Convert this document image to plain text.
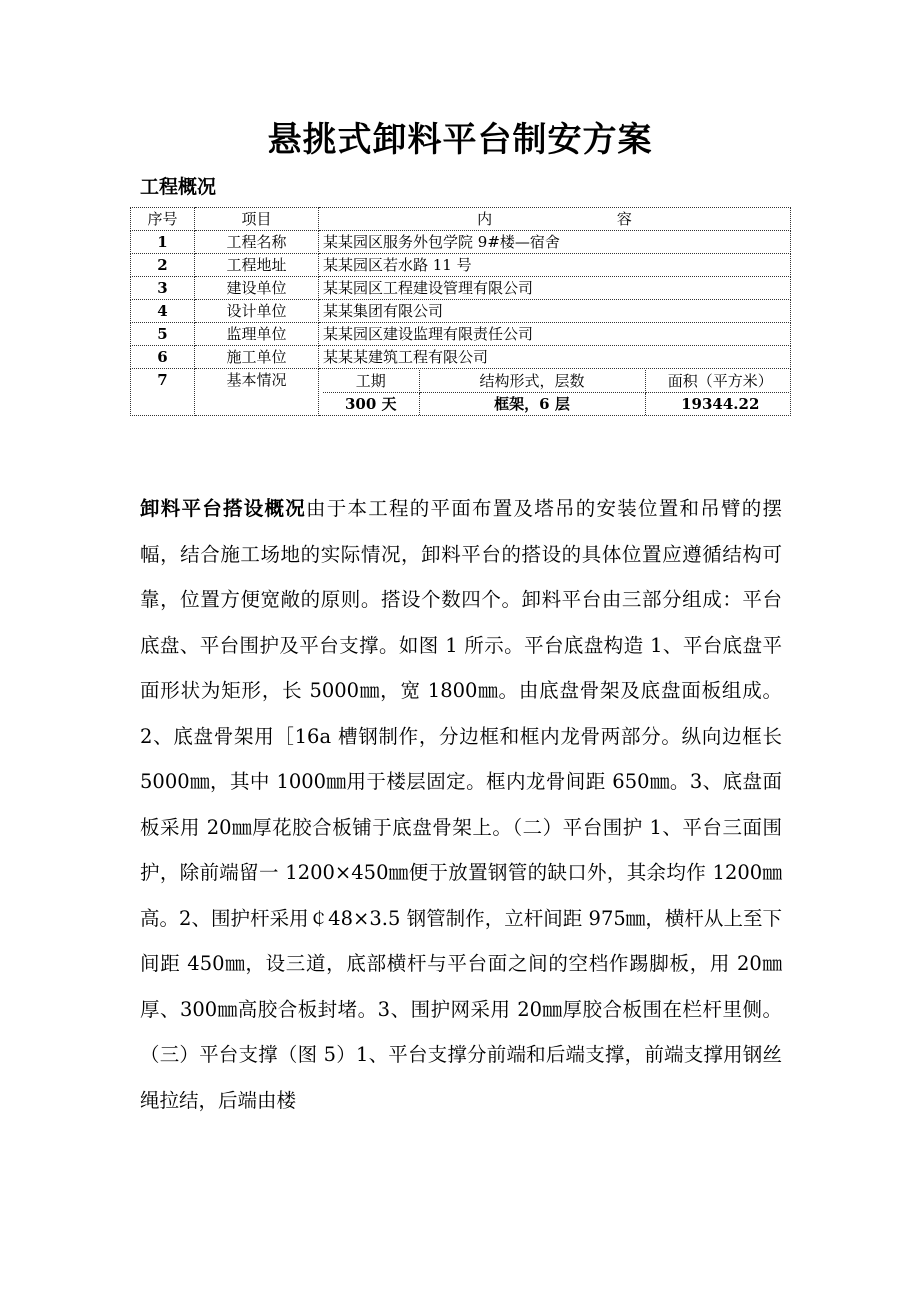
悬挑式卸料平台制安方案
工程概况
序号	项目	内 容
1	工程名称	某某园区服务外包学院 9#楼—宿舍
2	工程地址	某某园区若水路 11 号
3	建设单位	某某园区工程建设管理有限公司
4	设计单位	某某集团有限公司
5	监理单位	某某园区建设监理有限责任公司
6	施工单位	某某某建筑工程有限公司
7	基本情况		工期	结构形式，层数	面积（平方米）
300 天	框架，6 层	19344.22

卸料平台搭设概况由于本工程的平面布置及塔吊的安装位置和吊臂的摆幅，结合施工场地的实际情况，卸料平台的搭设的具体位置应遵循结构可靠，位置方便宽敞的原则。搭设个数四个。卸料平台由三部分组成：平台底盘、平台围护及平台支撑。如图 1 所示。平台底盘构造 1、平台底盘平面形状为矩形，长 5000㎜，宽 1800㎜。由底盘骨架及底盘面板组成。2、底盘骨架用［16a 槽钢制作，分边框和框内龙骨两部分。纵向边框长 5000㎜，其中 1000㎜用于楼层固定。框内龙骨间距 650㎜。3、底盘面板采用 20㎜厚花胶合板铺于底盘骨架上。（二）平台围护 1、平台三面围护，除前端留一 1200×450㎜便于放置钢管的缺口外，其余均作 1200㎜高。2、围护杆采用￠48×3.5 钢管制作，立杆间距 975㎜，横杆从上至下间距 450㎜，设三道，底部横杆与平台面之间的空档作踢脚板，用 20㎜厚、300㎜高胶合板封堵。3、围护网采用 20㎜厚胶合板围在栏杆里侧。（三）平台支撑（图 5）1、平台支撑分前端和后端支撑，前端支撑用钢丝绳拉结，后端由楼
